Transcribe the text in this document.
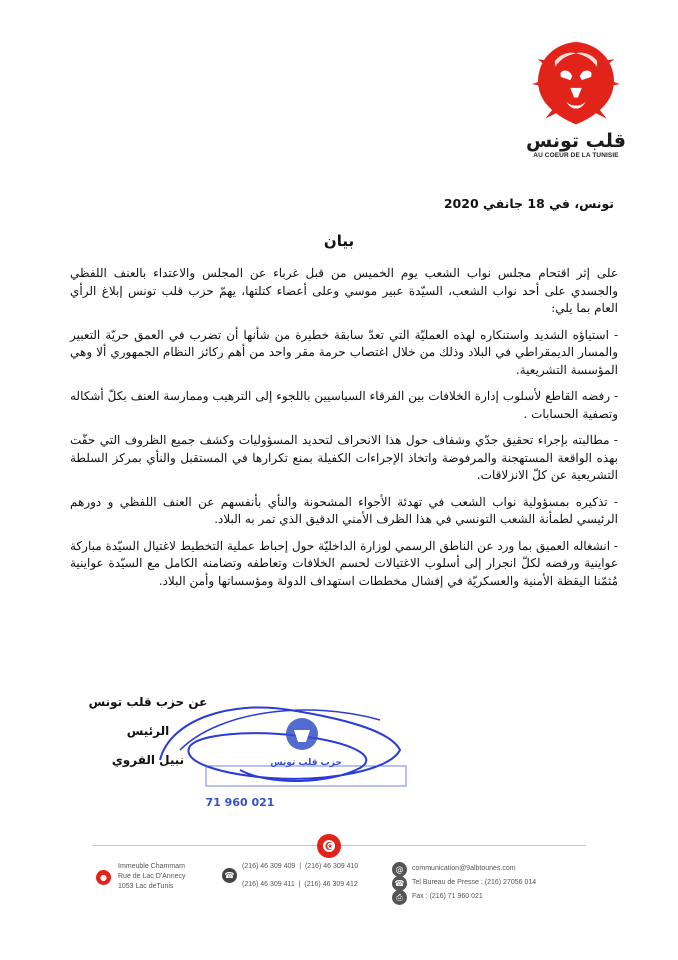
قلب تونس
AU COEUR DE LA TUNISIE
تونس، في 18 جانفي 2020
بيان

على إثر اقتحام مجلس نواب الشعب يوم الخميس من قبل غرباء عن المجلس والاعتداء بالعنف اللفظي والجسدي على أحد نواب الشعب، السيّدة عبير موسي وعلى أعضاء كتلتها، يهمّ حزب قلب تونس إبلاغ الرأي العام بما يلي:

- استياؤه الشديد واستنكاره لهذه العمليّة التي تعدّ سابقة خطيرة من شأنها أن تضرب في العمق حريّة التعبير والمسار الديمقراطي في البلاد وذلك من خلال اغتصاب حرمة مقر واحد من أهم ركائز النظام الجمهوري ألا وهي المؤسسة التشريعية.

- رفضه القاطع لأسلوب إدارة الخلافات بين الفرقاء السياسيين باللجوء إلى الترهيب وممارسة العنف بكلّ أشكاله وتصفية الحسابات .

- مطالبته بإجراء تحقيق جدّي وشفاف حول هذا الانحراف لتحديد المسؤوليات وكشف جميع الظروف التي حفّت بهذه الواقعة المستهجنة والمرفوضة واتخاذ الإجراءات الكفيلة بمنع تكرارها في المستقبل والنأي بمركز السلطة التشريعية عن كلّ الانزلاقات.

- تذكيره بمسؤولية نواب الشعب في تهدئة الأجواء المشحونة والنأي بأنفسهم عن العنف اللفظي و دورهم الرئيسي لطمأنة الشعب التونسي في هذا الظرف الأمني الدقيق الذي تمر به البلاد.

- انشغاله العميق بما ورد عن الناطق الرسمي لوزارة الداخليّة حول إحباط عملية التخطيط لاغتيال السيّدة مباركة عواينية ورفضه لكلّ انجرار إلى أسلوب الاغتيالات لحسم الخلافات وتعاطفه وتضامنه الكامل مع السيّدة عواينية مُثمّنا اليقظة الأمنية والعسكريّة في إفشال مخططات استهداف الدولة ومؤسساتها وأمن البلاد.

عن حزب قلب تونس
الرئيس
نبيل القروي	حزب قلب تونس
71 960 021
●
Immeuble Chammam
Rue de Lac D'Annecy
1053 Lac deTunis
☎
(216) 46 309 409  |  (216) 46 309 410
(216) 46 309 411  |  (216) 46 309 412
@
☎
⎙
communication@9albtounes.com
Tel Bureau de Presse : (216) 27056 014
Fax : (216) 71 960 021
